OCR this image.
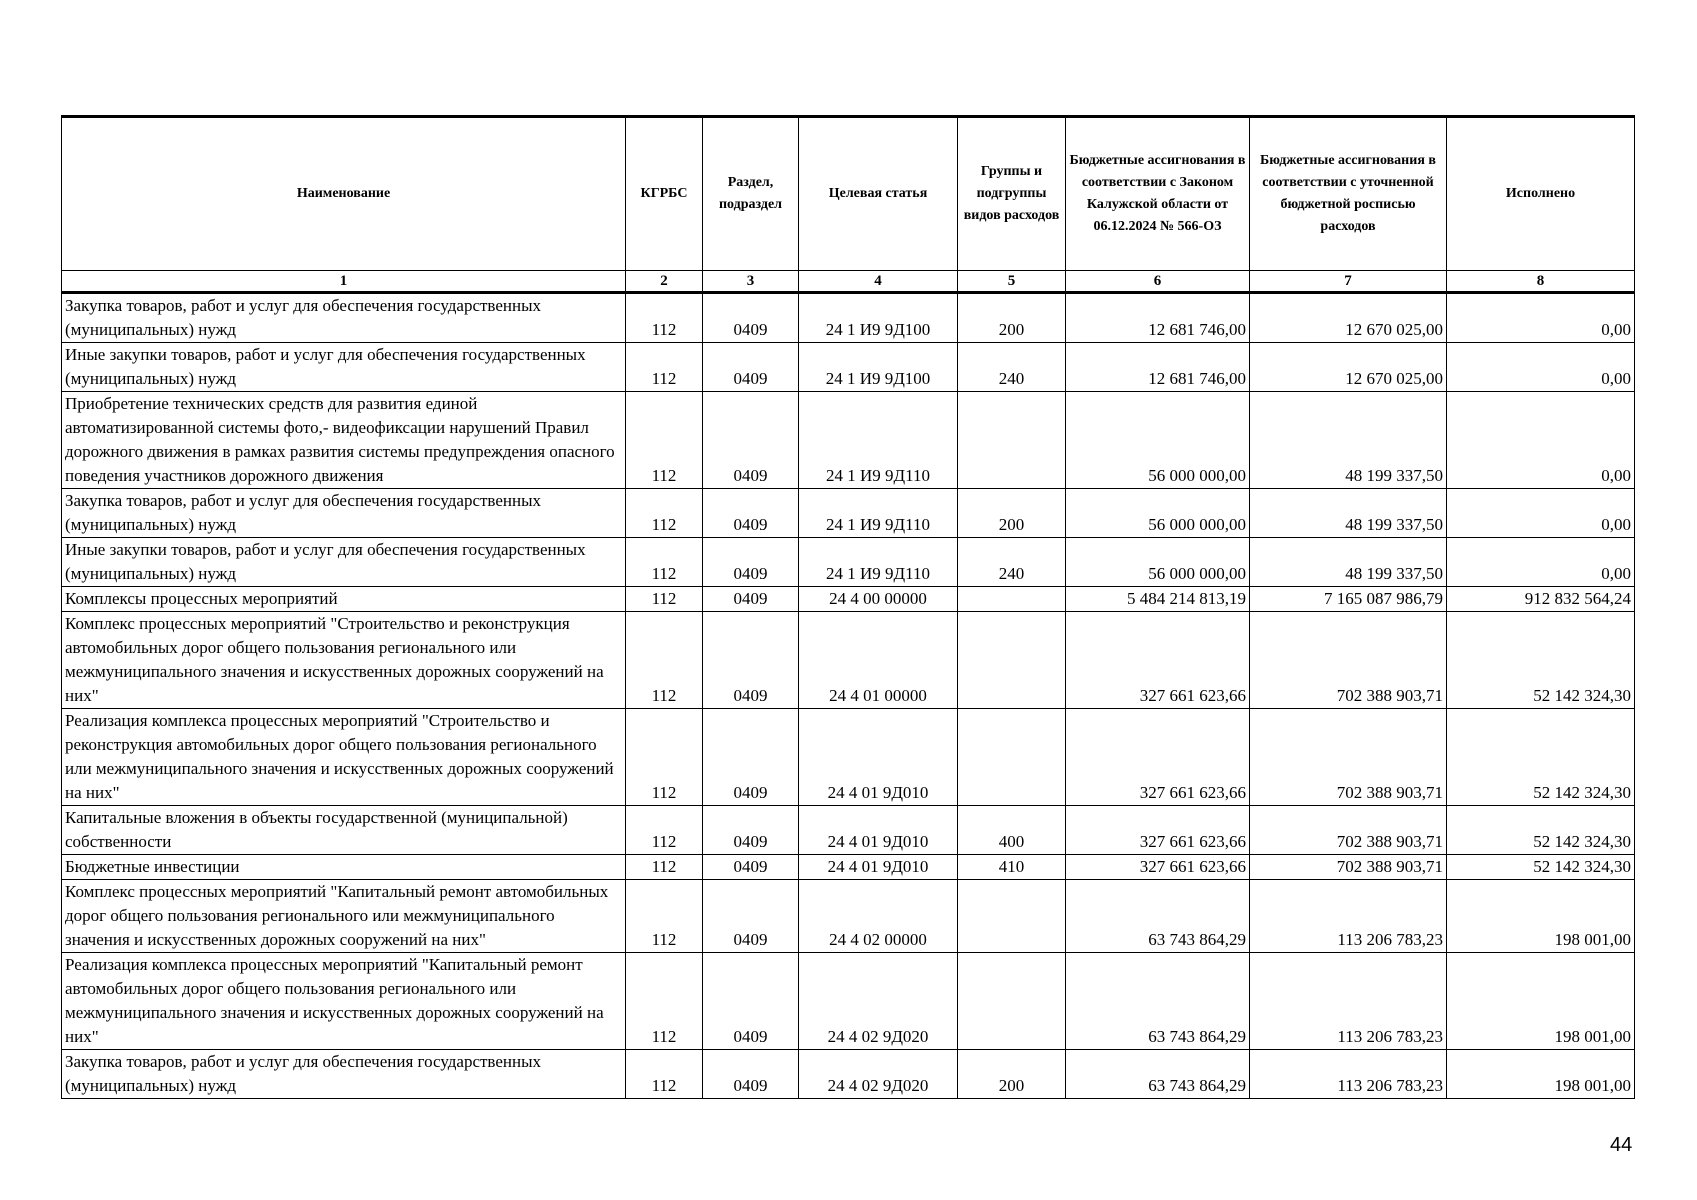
Наименование	КГРБС	Раздел, подраздел	Целевая статья	Группы и подгруппы видов расходов	Бюджетные ассигнования в соответствии с Законом Калужской области от 06.12.2024 № 566-ОЗ	Бюджетные ассигнования в соответствии с уточненной бюджетной росписью расходов	Исполнено
1	2	3	4	5	6	7	8
Закупка товаров, работ и услуг для обеспечения государственных (муниципальных) нужд	112	0409	24 1 И9 9Д100	200	12 681 746,00	12 670 025,00	0,00
Иные закупки товаров, работ и услуг для обеспечения государственных (муниципальных) нужд	112	0409	24 1 И9 9Д100	240	12 681 746,00	12 670 025,00	0,00
Приобретение технических средств для развития единой автоматизированной системы фото,- видеофиксации нарушений Правил дорожного движения в рамках развития системы предупреждения опасного поведения участников дорожного движения	112	0409	24 1 И9 9Д110		56 000 000,00	48 199 337,50	0,00
Закупка товаров, работ и услуг для обеспечения государственных (муниципальных) нужд	112	0409	24 1 И9 9Д110	200	56 000 000,00	48 199 337,50	0,00
Иные закупки товаров, работ и услуг для обеспечения государственных (муниципальных) нужд	112	0409	24 1 И9 9Д110	240	56 000 000,00	48 199 337,50	0,00
Комплексы процессных мероприятий	112	0409	24 4 00 00000		5 484 214 813,19	7 165 087 986,79	912 832 564,24
Комплекс процессных мероприятий "Строительство и реконструкция автомобильных дорог общего пользования регионального или межмуниципального значения и искусственных дорожных сооружений на них"	112	0409	24 4 01 00000		327 661 623,66	702 388 903,71	52 142 324,30
Реализация комплекса процессных мероприятий "Строительство и реконструкция автомобильных дорог общего пользования регионального или межмуниципального значения и искусственных дорожных сооружений на них"	112	0409	24 4 01 9Д010		327 661 623,66	702 388 903,71	52 142 324,30
Капитальные вложения в объекты государственной (муниципальной) собственности	112	0409	24 4 01 9Д010	400	327 661 623,66	702 388 903,71	52 142 324,30
Бюджетные инвестиции	112	0409	24 4 01 9Д010	410	327 661 623,66	702 388 903,71	52 142 324,30
Комплекс процессных мероприятий "Капитальный ремонт автомобильных дорог общего пользования регионального или межмуниципального значения и искусственных дорожных сооружений на них"	112	0409	24 4 02 00000		63 743 864,29	113 206 783,23	198 001,00
Реализация комплекса процессных мероприятий "Капитальный ремонт автомобильных дорог общего пользования регионального или межмуниципального значения и искусственных дорожных сооружений на них"	112	0409	24 4 02 9Д020		63 743 864,29	113 206 783,23	198 001,00
Закупка товаров, работ и услуг для обеспечения государственных (муниципальных) нужд	112	0409	24 4 02 9Д020	200	63 743 864,29	113 206 783,23	198 001,00
44
